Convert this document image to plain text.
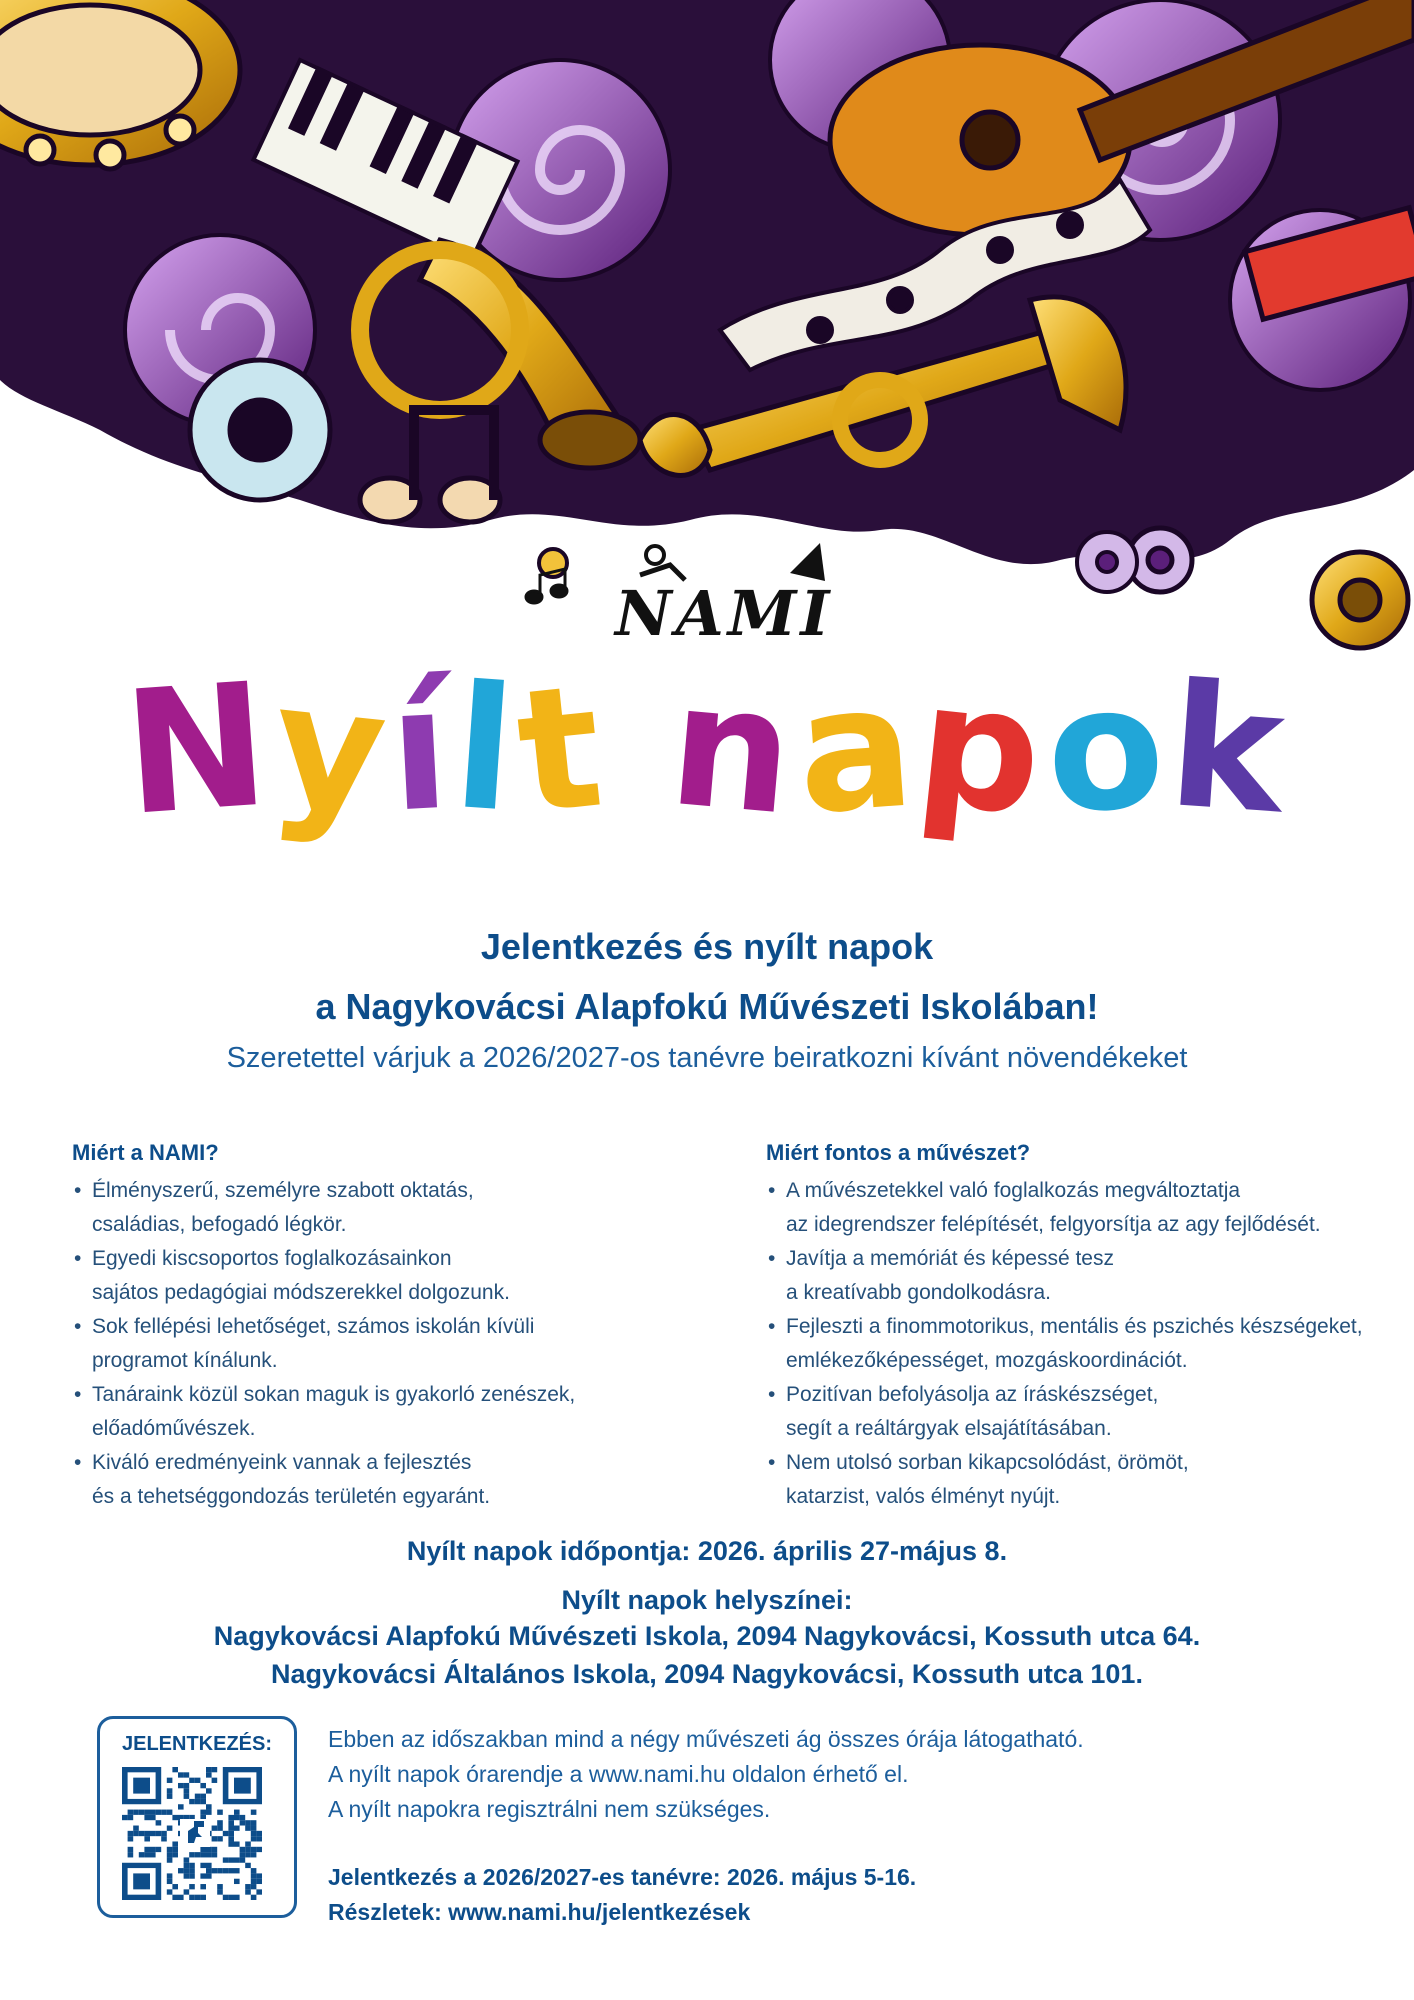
NAMI
Nyílt napok
Jelentkezés és nyílt napok
a Nagykovácsi Alapfokú Művészeti Iskolában!
Szeretettel várjuk a 2026/2027-os tanévre beiratkozni kívánt növendékeket
Miért a NAMI?
• Élményszerű, személyre szabott oktatás,
családias, befogadó légkör.
• Egyedi kiscsoportos foglalkozásainkon
sajátos pedagógiai módszerekkel dolgozunk.
• Sok fellépési lehetőséget, számos iskolán kívüli
programot kínálunk.
• Tanáraink közül sokan maguk is gyakorló zenészek,
előadóművészek.
• Kiváló eredményeink vannak a fejlesztés
és a tehetséggondozás területén egyaránt.
Miért fontos a művészet?
• A művészetekkel való foglalkozás megváltoztatja
az idegrendszer felépítését, felgyorsítja az agy fejlődését.
• Javítja a memóriát és képessé tesz
a kreatívabb gondolkodásra.
• Fejleszti a finommotorikus, mentális és pszichés készségeket,
emlékezőképességet, mozgáskoordinációt.
• Pozitívan befolyásolja az íráskészséget,
segít a reáltárgyak elsajátításában.
• Nem utolsó sorban kikapcsolódást, örömöt,
katarzist, valós élményt nyújt.
Nyílt napok időpontja: 2026. április 27-május 8.
Nyílt napok helyszínei:
Nagykovácsi Alapfokú Művészeti Iskola, 2094 Nagykovácsi, Kossuth utca 64.
Nagykovácsi Általános Iskola, 2094 Nagykovácsi, Kossuth utca 101.
JELENTKEZÉS:	Ebben az időszakban mind a négy művészeti ág összes órája látogatható.
A nyílt napok órarendje a www.nami.hu oldalon érhető el.
A nyílt napokra regisztrálni nem szükséges.
Jelentkezés a 2026/2027-es tanévre: 2026. május 5-16.
Részletek: www.nami.hu/jelentkezések
